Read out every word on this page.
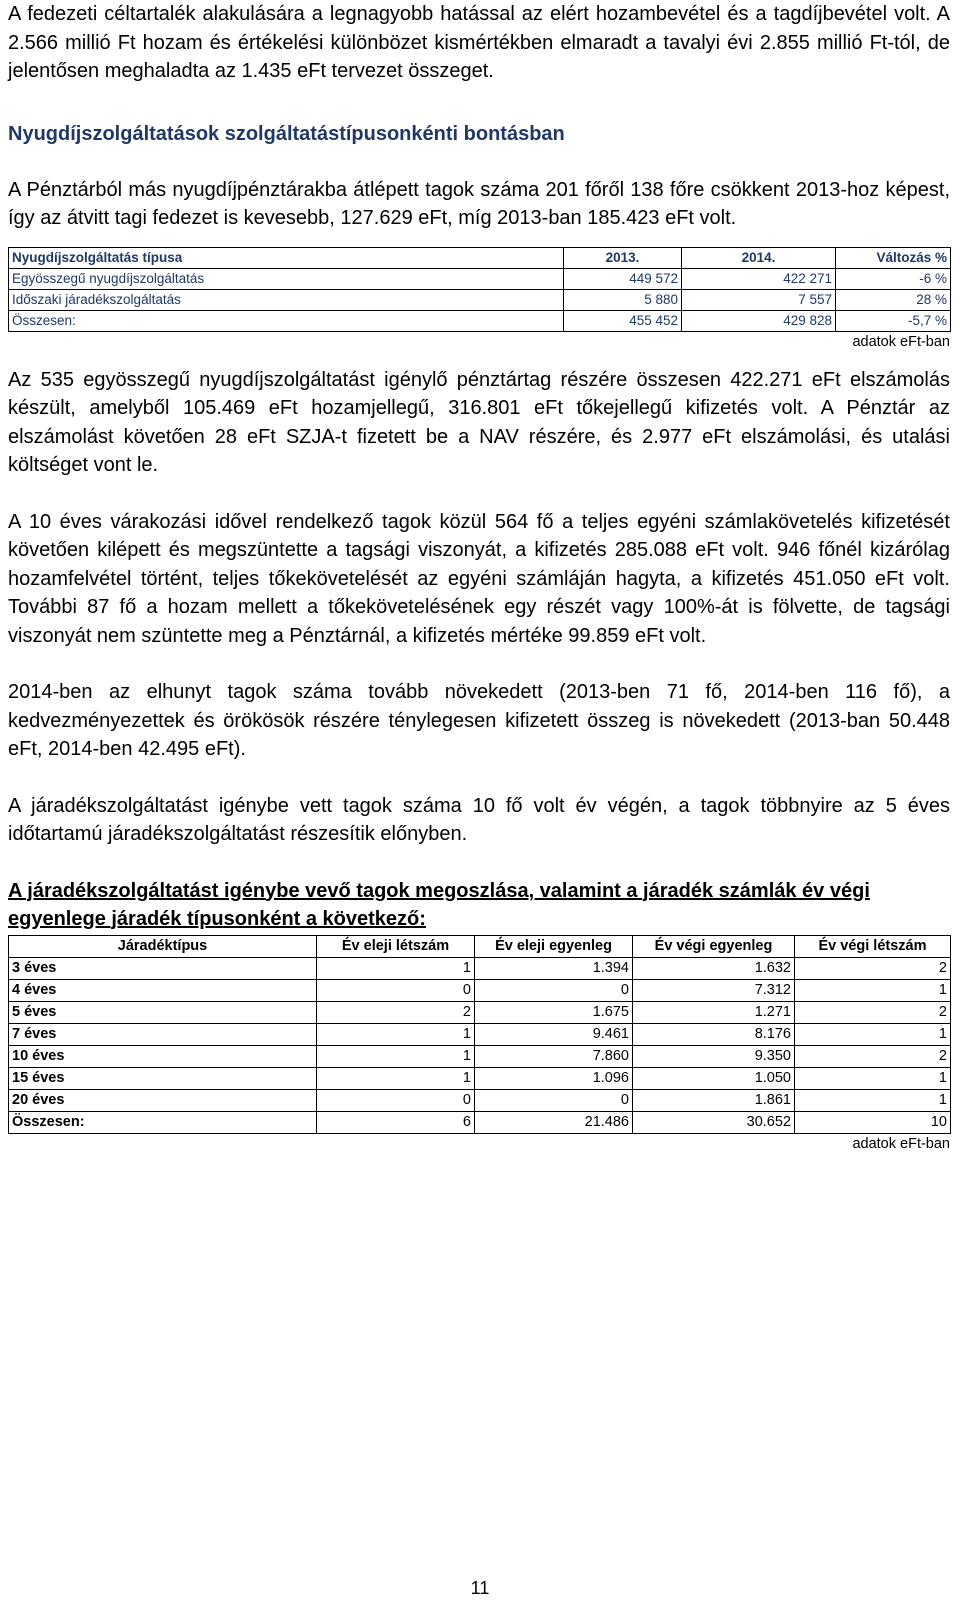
A fedezeti céltartalék alakulására a legnagyobb hatással az elért hozambevétel és a tagdíjbevétel volt. A 2.566 millió Ft hozam és értékelési különbözet kismértékben elmaradt a tavalyi évi 2.855 millió Ft-tól, de jelentősen meghaladta az 1.435 eFt tervezet összeget.

Nyugdíjszolgáltatások szolgáltatástípusonkénti bontásban

A Pénztárból más nyugdíjpénztárakba átlépett tagok száma 201 főről 138 főre csökkent 2013-hoz képest, így az átvitt tagi fedezet is kevesebb, 127.629 eFt, míg 2013-ban 185.423 eFt volt.

Nyugdíjszolgáltatás típusa	2013.	2014.	Változás %
Egyösszegű nyugdíjszolgáltatás	449 572	422 271	-6 %
Időszaki járadékszolgáltatás	5 880	7 557	28 %
Összesen:	455 452	429 828	-5,7 %
adatok eFt-ban

Az 535 egyösszegű nyugdíjszolgáltatást igénylő pénztártag részére összesen 422.271 eFt elszámolás készült, amelyből 105.469 eFt hozamjellegű, 316.801 eFt tőkejellegű kifizetés volt. A Pénztár az elszámolást követően 28 eFt SZJA-t fizetett be a NAV részére, és 2.977 eFt elszámolási, és utalási költséget vont le.

A 10 éves várakozási idővel rendelkező tagok közül 564 fő a teljes egyéni számlakövetelés kifizetését követően kilépett és megszüntette a tagsági viszonyát, a kifizetés 285.088 eFt volt. 946 főnél kizárólag hozamfelvétel történt, teljes tőkekövetelését az egyéni számláján hagyta, a kifizetés 451.050 eFt volt. További 87 fő a hozam mellett a tőkekövetelésének egy részét vagy 100%-át is fölvette, de tagsági viszonyát nem szüntette meg a Pénztárnál, a kifizetés mértéke 99.859 eFt volt.

2014-ben az elhunyt tagok száma tovább növekedett (2013-ben 71 fő, 2014-ben 116 fő), a kedvezményezettek és örökösök részére ténylegesen kifizetett összeg is növekedett (2013-ban 50.448 eFt, 2014-ben 42.495 eFt).

A járadékszolgáltatást igénybe vett tagok száma 10 fő volt év végén, a tagok többnyire az 5 éves időtartamú járadékszolgáltatást részesítik előnyben.

A járadékszolgáltatást igénybe vevő tagok megoszlása, valamint a járadék számlák év végi egyenlege járadék típusonként a következő:
Járadéktípus	Év eleji létszám	Év eleji egyenleg	Év végi egyenleg	Év végi létszám
3 éves	1	1.394	1.632	2
4 éves	0	0	7.312	1
5 éves	2	1.675	1.271	2
7 éves	1	9.461	8.176	1
10 éves	1	7.860	9.350	2
15 éves	1	1.096	1.050	1
20 éves	0	0	1.861	1
Összesen:	6	21.486	30.652	10
adatok eFt-ban
11
